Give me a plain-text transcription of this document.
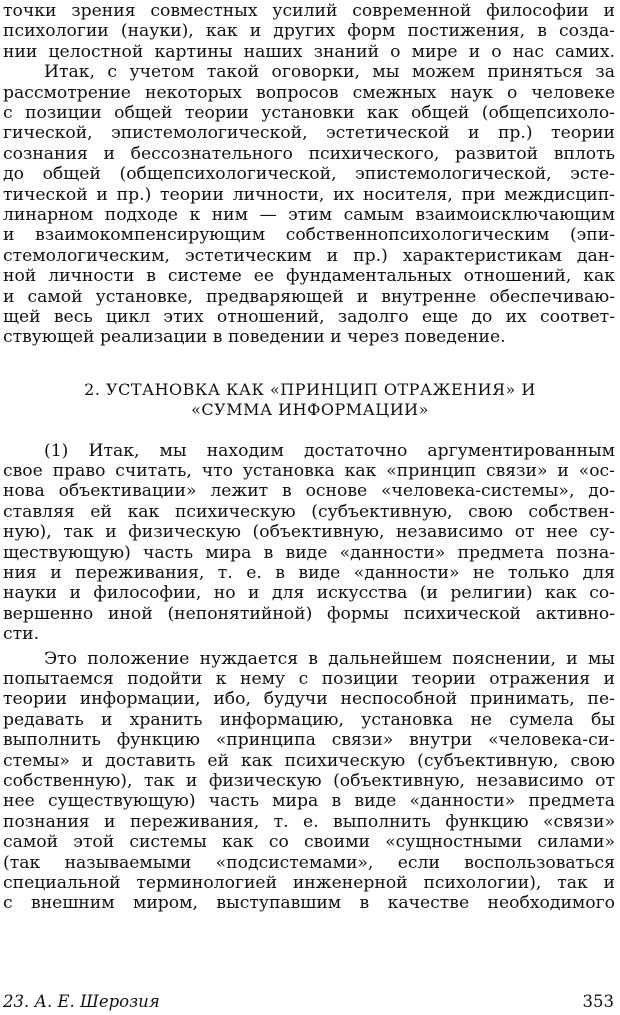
точки зрения совместных усилий современной философии и
психологии (науки), как и других форм постижения, в созда-
нии целостной картины наших знаний о мире и о нас самих.
Итак, с учетом такой оговорки, мы можем приняться за
рассмотрение некоторых вопросов смежных наук о человеке
с позиции общей теории установки как общей (общепсихоло-
гической, эпистемологической, эстетической и пр.) теории
сознания и бессознательного психического, развитой вплоть
до общей (общепсихологической, эпистемологической, эсте-
тической и пр.) теории личности, их носителя, при междисцип-
линарном подходе к ним — этим самым взаимоисключающим
и взаимокомпенсирующим собственнопсихологическим (эпи-
стемологическим, эстетическим и пр.) характеристикам дан-
ной личности в системе ее фундаментальных отношений, как
и самой установке, предваряющей и внутренне обеспечиваю-
щей весь цикл этих отношений, задолго еще до их соответ-
ствующей реализации в поведении и через поведение.
2. УСТАНОВКА КАК «ПРИНЦИП ОТРАЖЕНИЯ» И
«СУММА ИНФОРМАЦИИ»
(1) Итак, мы находим достаточно аргументированным
свое право считать, что установка как «принцип связи» и «ос-
нова объективации» лежит в основе «человека-системы», до-
ставляя ей как психическую (субъективную, свою собствен-
ную), так и физическую (объективную, независимо от нее су-
ществующую) часть мира в виде «данности» предмета позна-
ния и переживания, т. е. в виде «данности» не только для
науки и философии, но и для искусства (и религии) как со-
вершенно иной (непонятийной) формы психической активно-
сти.
Это положение нуждается в дальнейшем пояснении, и мы
попытаемся подойти к нему с позиции теории отражения и
теории информации, ибо, будучи неспособной принимать, пе-
редавать и хранить информацию, установка не сумела бы
выполнить функцию «принципа связи» внутри «человека-си-
стемы» и доставить ей как психическую (субъективную, свою
собственную), так и физическую (объективную, независимо от
нее существующую) часть мира в виде «данности» предмета
познания и переживания, т. е. выполнить функцию «связи»
самой этой системы как со своими «сущностными силами»
(так называемыми «подсистемами», если воспользоваться
специальной терминологией инженерной психологии), так и
с внешним миром, выступавшим в качестве необходимого
23. А. Е. Шерозия	353
